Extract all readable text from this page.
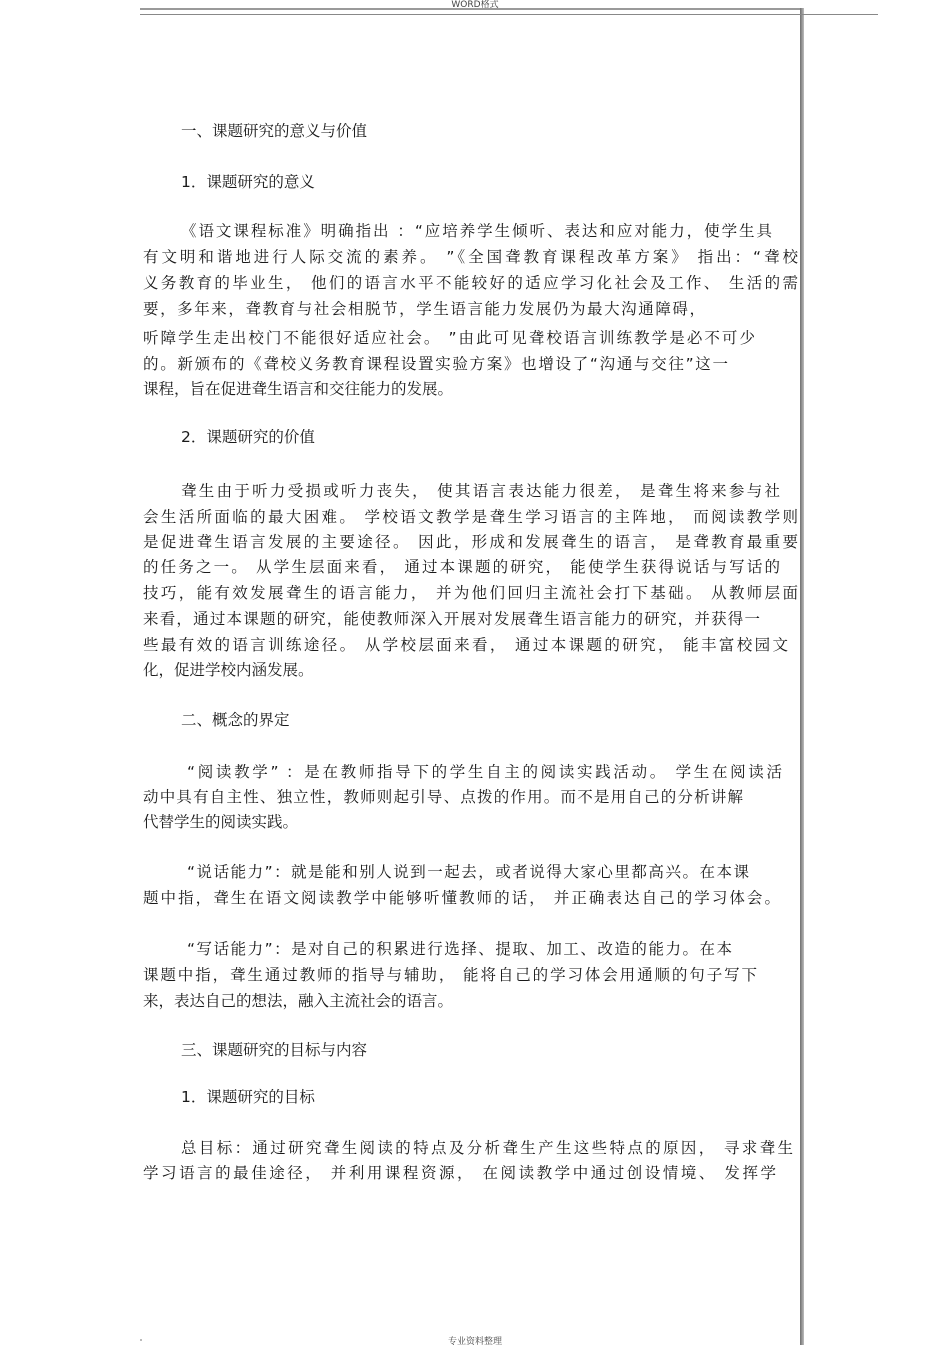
WORD格式
一、课题研究的意义与价值
1．课题研究的意义
《语文课程标准》明确指出 ：“应培养学生倾听、表达和应对能力，使学生具
有文明和谐地进行人际交流的素养。 ”《全国聋教育课程改革方案》 指出：“聋校
义务教育的毕业生， 他们的语言水平不能较好的适应学习化社会及工作、 生活的需
要，多年来，聋教育与社会相脱节，学生语言能力发展仍为最大沟通障碍，
听障学生走出校门不能很好适应社会。 ”由此可见聋校语言训练教学是必不可少
的。新颁布的《聋校义务教育课程设置实验方案》也增设了“沟通与交往”这一
课程，旨在促进聋生语言和交往能力的发展。
2．课题研究的价值
聋生由于听力受损或听力丧失， 使其语言表达能力很差， 是聋生将来参与社
会生活所面临的最大困难。 学校语文教学是聋生学习语言的主阵地， 而阅读教学则
是促进聋生语言发展的主要途径。 因此，形成和发展聋生的语言， 是聋教育最重要
的任务之一。 从学生层面来看， 通过本课题的研究， 能使学生获得说话与写话的
技巧，能有效发展聋生的语言能力， 并为他们回归主流社会打下基础。 从教师层面
来看，通过本课题的研究，能使教师深入开展对发展聋生语言能力的研究，并获得一
些最有效的语言训练途径。 从学校层面来看， 通过本课题的研究， 能丰富校园文
化，促进学校内涵发展。
二、概念的界定
“阅读教学” ：是在教师指导下的学生自主的阅读实践活动。 学生在阅读活
动中具有自主性、独立性，教师则起引导、点拨的作用。而不是用自己的分析讲解
代替学生的阅读实践。
“说话能力”：就是能和别人说到一起去，或者说得大家心里都高兴。在本课
题中指，聋生在语文阅读教学中能够听懂教师的话， 并正确表达自己的学习体会。
“写话能力”：是对自己的积累进行选择、提取、加工、改造的能力。在本
课题中指，聋生通过教师的指导与辅助， 能将自己的学习体会用通顺的句子写下
来，表达自己的想法，融入主流社会的语言。
三、课题研究的目标与内容
1．课题研究的目标
总目标：通过研究聋生阅读的特点及分析聋生产生这些特点的原因， 寻求聋生
学习语言的最佳途径， 并利用课程资源， 在阅读教学中通过创设情境、 发挥学
专业资料整理
